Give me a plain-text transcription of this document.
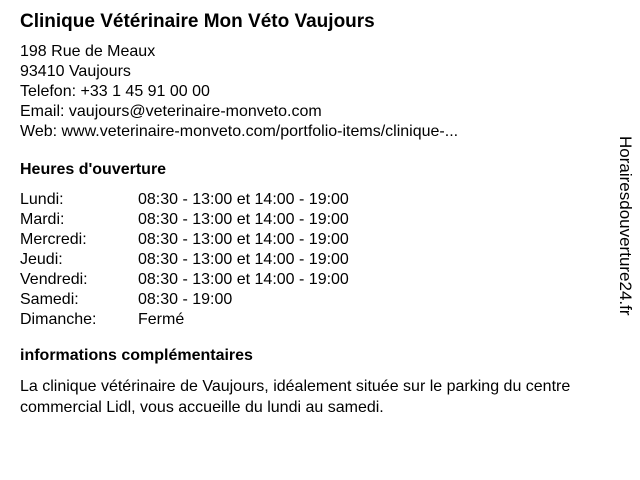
Clinique Vétérinaire Mon Véto Vaujours
198 Rue de Meaux
93410 Vaujours
Telefon: +33 1 45 91 00 00
Email: vaujours@veterinaire-monveto.com
Web: www.veterinaire-monveto.com/portfolio-items/clinique-...
Heures d'ouverture
Lundi:	08:30 - 13:00 et 14:00 - 19:00
Mardi:	08:30 - 13:00 et 14:00 - 19:00
Mercredi:	08:30 - 13:00 et 14:00 - 19:00
Jeudi:	08:30 - 13:00 et 14:00 - 19:00
Vendredi:	08:30 - 13:00 et 14:00 - 19:00
Samedi:	08:30 - 19:00
Dimanche:	Fermé
informations complémentaires

La clinique vétérinaire de Vaujours, idéalement située sur le parking du centre commercial Lidl, vous accueille du lundi au samedi.

Horairesdouverture24.fr
